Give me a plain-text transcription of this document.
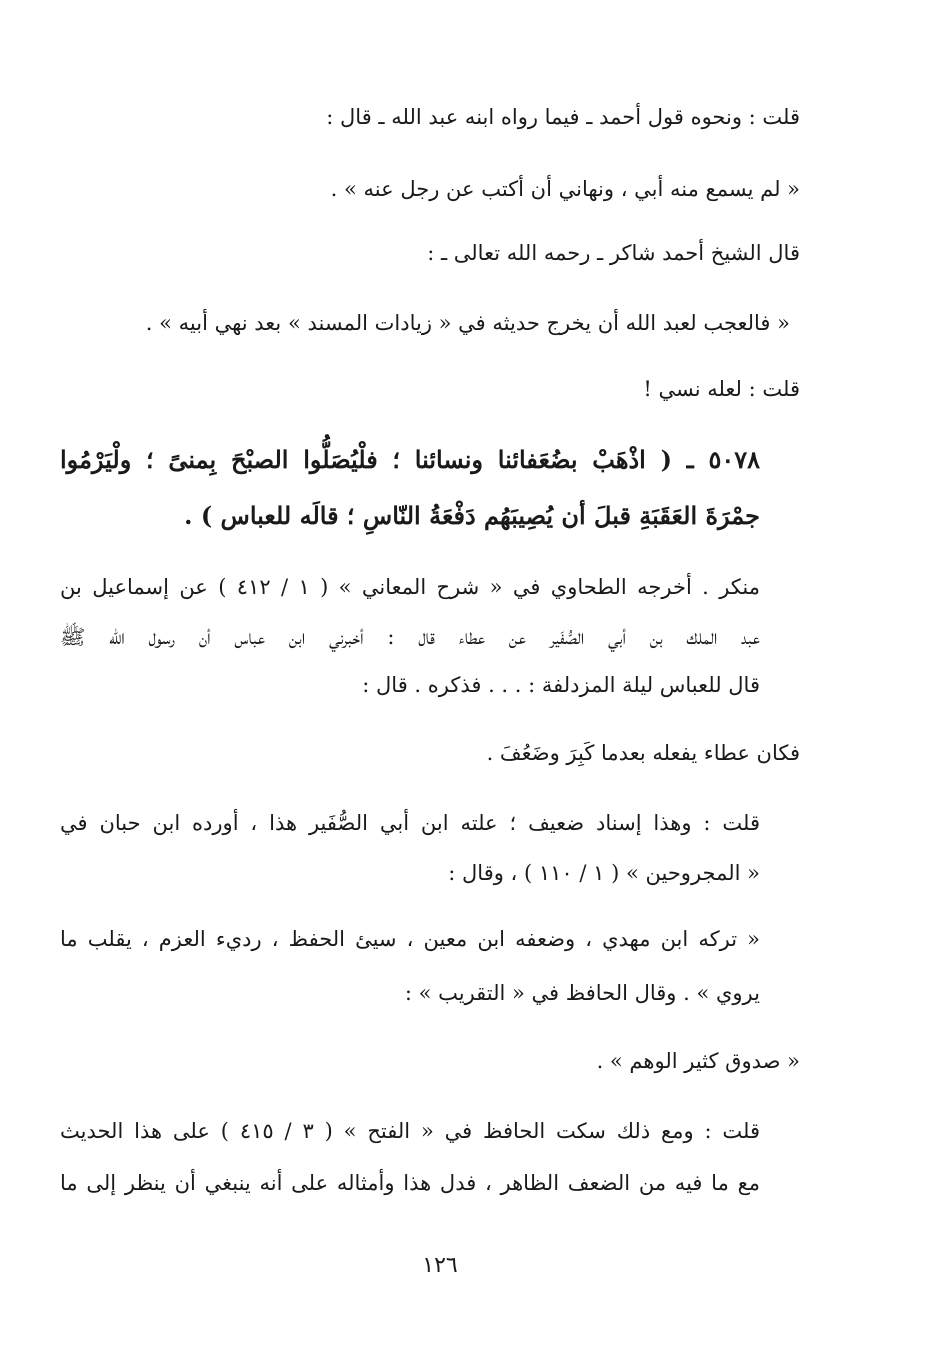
قلت : ونحوه قول أحمد ـ فيما رواه ابنه عبد الله ـ قال :
« لم يسمع منه أبي ، ونهاني أن أكتب عن رجل عنه » .
قال الشيخ أحمد شاكر ـ رحمه الله تعالى ـ :
« فالعجب لعبد الله أن يخرج حديثه في « زيادات المسند » بعد نهي أبيه » .
قلت : لعله نسي !
٥٠٧٨ ـ ( اذْهَبْ بضُعَفائنا ونسائنا ؛ فلْيُصَلُّوا الصبْحَ بِمنىً ؛ ولْيَرْمُوا
جمْرَةَ العَقَبَةِ قبلَ أن يُصِيبَهُم دَفْعَةُ النّاسِ ؛ قالَه للعباس ) .
منكر . أخرجه الطحاوي في « شرح المعاني » ( ١ / ٤١٢ ) عن إسماعيل بن
عبد الملك بن أبي الصُّفَير عن عطاء قال : أخبرني ابن عباس أن رسول الله ﷺ
قال للعباس ليلة المزدلفة : . . . فذكره . قال :
فكان عطاء يفعله بعدما كَبِرَ وضَعُفَ .
قلت : وهذا إسناد ضعيف ؛ علته ابن أبي الصُّفَير هذا ، أورده ابن حبان في
« المجروحين » ( ١ / ١١٠ ) ، وقال :
« تركه ابن مهدي ، وضعفه ابن معين ، سيئ الحفظ ، رديء العزم ، يقلب ما
يروي » . وقال الحافظ في « التقريب » :
« صدوق كثير الوهم » .
قلت : ومع ذلك سكت الحافظ في « الفتح » ( ٣ / ٤١٥ ) على هذا الحديث
مع ما فيه من الضعف الظاهر ، فدل هذا وأمثاله على أنه ينبغي أن ينظر إلى ما
١٢٦
